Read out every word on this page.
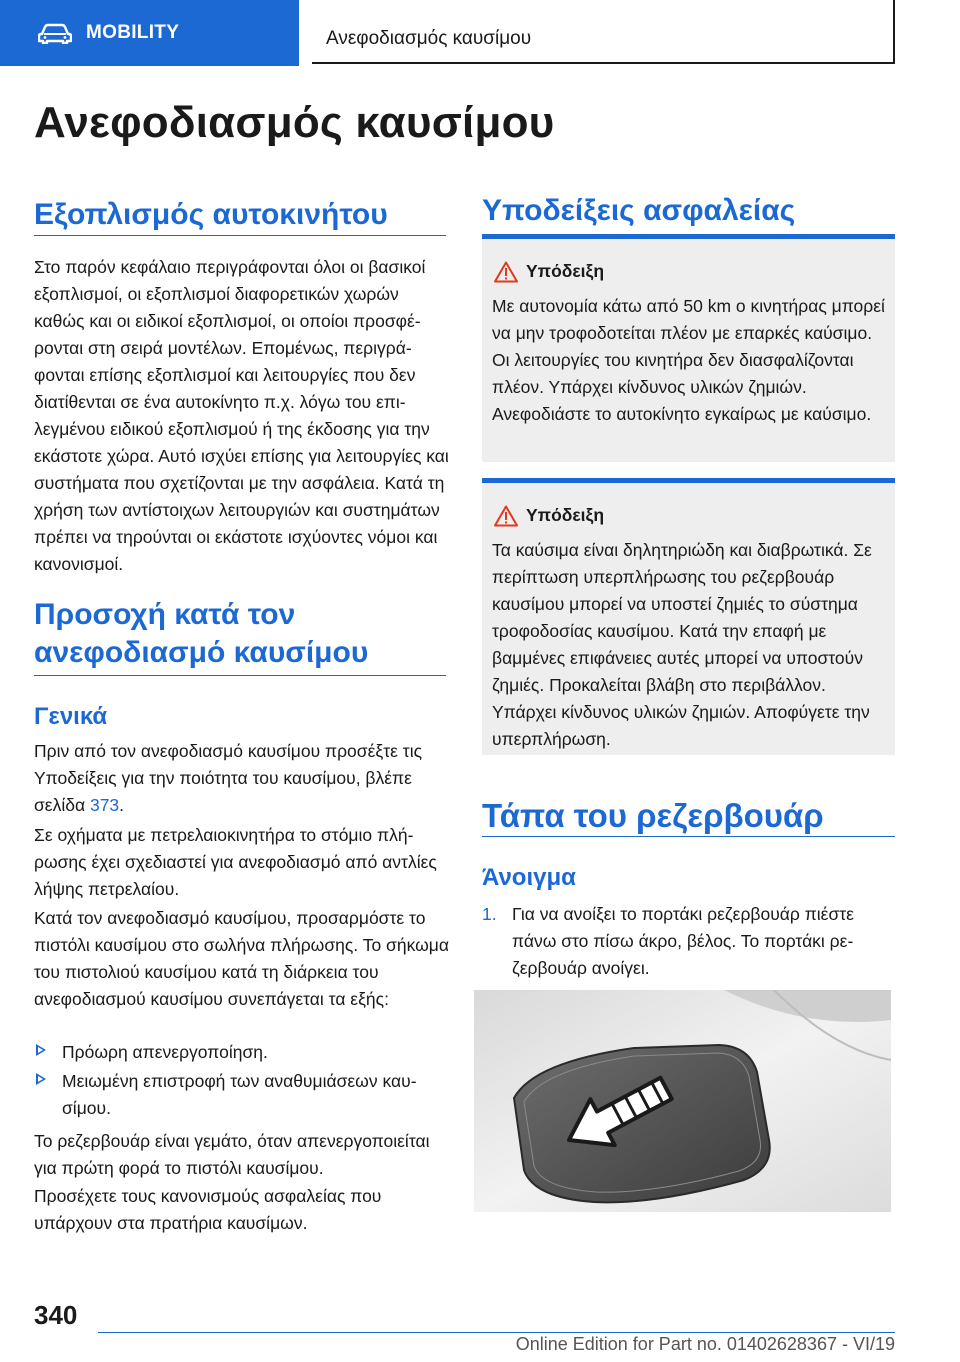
MOBILITY	Ανεφοδιασμός καυσίμου
Ανεφοδιασμός καυσίμου
Εξοπλισμός αυτοκινήτου

Στο παρόν κεφάλαιο περιγράφονται όλοι οι βασικοί εξοπλισμοί, οι εξοπλισμοί διαφορετικών χωρών καθώς και οι ειδικοί εξοπλισμοί, οι οποίοι προσφέρονται στη σειρά μοντέλων. Επομένως, περιγράφονται επίσης εξοπλισμοί και λειτουργίες που δεν διατίθενται σε ένα αυτοκίνητο π.χ. λόγω του επιλεγμένου ειδικού εξοπλισμού ή της έκδοσης για την εκάστοτε χώρα. Αυτό ισχύει επίσης για λειτουργίες και συστήματα που σχετίζονται με την ασφάλεια. Κατά τη χρήση των αντίστοιχων λειτουργιών και συστημάτων πρέπει να τηρούνται οι εκάστοτε ισχύοντες νόμοι και κανονισμοί.

Προσοχή κατά τον
ανεφοδιασμό καυσίμου
Γενικά

Πριν από τον ανεφοδιασμό καυσίμου προσέξτε τις Υποδείξεις για την ποιότητα του καυσίμου, βλέπε σελίδα 373.

Σε οχήματα με πετρελαιοκινητήρα το στόμιο πλήρωσης έχει σχεδιαστεί για ανεφοδιασμό από αντλίες λήψης πετρελαίου.

Κατά τον ανεφοδιασμό καυσίμου, προσαρμόστε το πιστόλι καυσίμου στο σωλήνα πλήρωσης. Το σήκωμα του πιστολιού καυσίμου κατά τη διάρκεια του ανεφοδιασμού καυσίμου συνεπάγεται τα εξής:

Πρόωρη απενεργοποίηση.
Μειωμένη επιστροφή των αναθυμιάσεων καυσίμου.

Το ρεζερβουάρ είναι γεμάτο, όταν απενεργοποιείται για πρώτη φορά το πιστόλι καυσίμου.

Προσέχετε τους κανονισμούς ασφαλείας που υπάρχουν στα πρατήρια καυσίμων.

Υποδείξεις ασφαλείας
Υπόδειξη
Με αυτονομία κάτω από 50 km ο κινητήρας μπορεί να μην τροφοδοτείται πλέον με επαρκές καύσιμο. Οι λειτουργίες του κινητήρα δεν διασφαλίζονται πλέον. Υπάρχει κίνδυνος υλικών ζημιών. Ανεφοδιάστε το αυτοκίνητο εγκαίρως με καύσιμο.
Υπόδειξη
Τα καύσιμα είναι δηλητηριώδη και διαβρωτικά. Σε περίπτωση υπερπλήρωσης του ρεζερβουάρ καυσίμου μπορεί να υποστεί ζημιές το σύστημα τροφοδοσίας καυσίμου. Κατά την επαφή με βαμμένες επιφάνειες αυτές μπορεί να υποστούν ζημιές. Προκαλείται βλάβη στο περιβάλλον. Υπάρχει κίνδυνος υλικών ζημιών. Αποφύγετε την υπερπλήρωση.
Τάπα του ρεζερβουάρ
Άνοιγμα
1. Για να ανοίξει το πορτάκι ρεζερβουάρ πιέστε πάνω στο πίσω άκρο, βέλος. Το πορτάκι ρεζερβουάρ ανοίγει.
340
Online Edition for Part no. 01402628367 - VI/19
